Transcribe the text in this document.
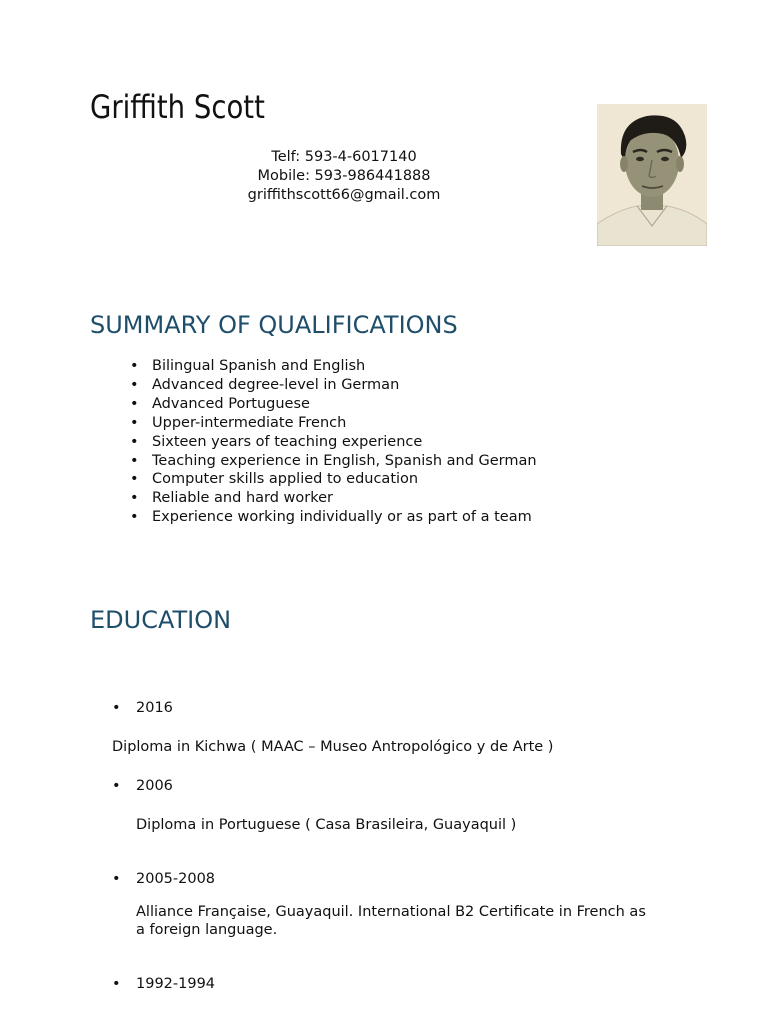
Griffith Scott
Telf: 593-4-6017140
Mobile: 593-986441888
griffithscott66@gmail.com
SUMMARY OF QUALIFICATIONS
• Bilingual Spanish and English
• Advanced degree-level in German
• Advanced Portuguese
• Upper-intermediate French
• Sixteen years of teaching experience
• Teaching experience in English, Spanish and German
• Computer skills applied to education
• Reliable and hard worker
• Experience working individually or as part of a team
EDUCATION
• 2016
Diploma in Kichwa ( MAAC – Museo Antropológico y de Arte )
• 2006
Diploma in Portuguese ( Casa Brasileira, Guayaquil )
• 2005-2008
Alliance Française, Guayaquil. International B2 Certificate in French as a foreign language.
• 1992-1994
